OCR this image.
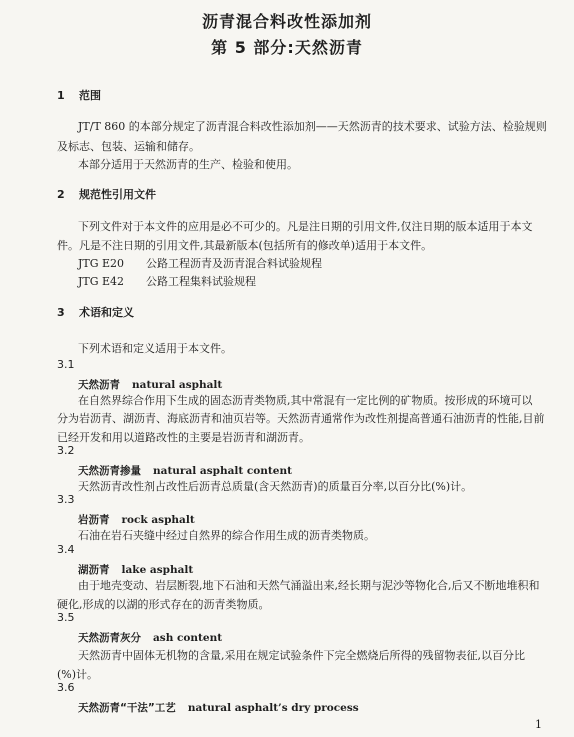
沥青混合料改性添加剂
第 5 部分:天然沥青
1 范围
JT/T 860 的本部分规定了沥青混合料改性添加剂——天然沥青的技术要求、试验方法、检验规则
及标志、包装、运输和储存。
本部分适用于天然沥青的生产、检验和使用。
2 规范性引用文件
下列文件对于本文件的应用是必不可少的。凡是注日期的引用文件,仅注日期的版本适用于本文
件。凡是不注日期的引用文件,其最新版本(包括所有的修改单)适用于本文件。
JTG E20 公路工程沥青及沥青混合料试验规程
JTG E42 公路工程集料试验规程
3 术语和定义
下列术语和定义适用于本文件。
3.1
天然沥青 natural asphalt
在自然界综合作用下生成的固态沥青类物质,其中常混有一定比例的矿物质。按形成的环境可以
分为岩沥青、湖沥青、海底沥青和油页岩等。天然沥青通常作为改性剂提高普通石油沥青的性能,目前
已经开发和用以道路改性的主要是岩沥青和湖沥青。
3.2
天然沥青掺量 natural asphalt content
天然沥青改性剂占改性后沥青总质量(含天然沥青)的质量百分率,以百分比(%)计。
3.3
岩沥青 rock asphalt
石油在岩石夹缝中经过自然界的综合作用生成的沥青类物质。
3.4
湖沥青 lake asphalt
由于地壳变动、岩层断裂,地下石油和天然气涌溢出来,经长期与泥沙等物化合,后又不断地堆积和
硬化,形成的以湖的形式存在的沥青类物质。
3.5
天然沥青灰分 ash content
天然沥青中固体无机物的含量,采用在规定试验条件下完全燃烧后所得的残留物表征,以百分比
(%)计。
3.6
天然沥青“干法”工艺 natural asphalt’s dry process
1
